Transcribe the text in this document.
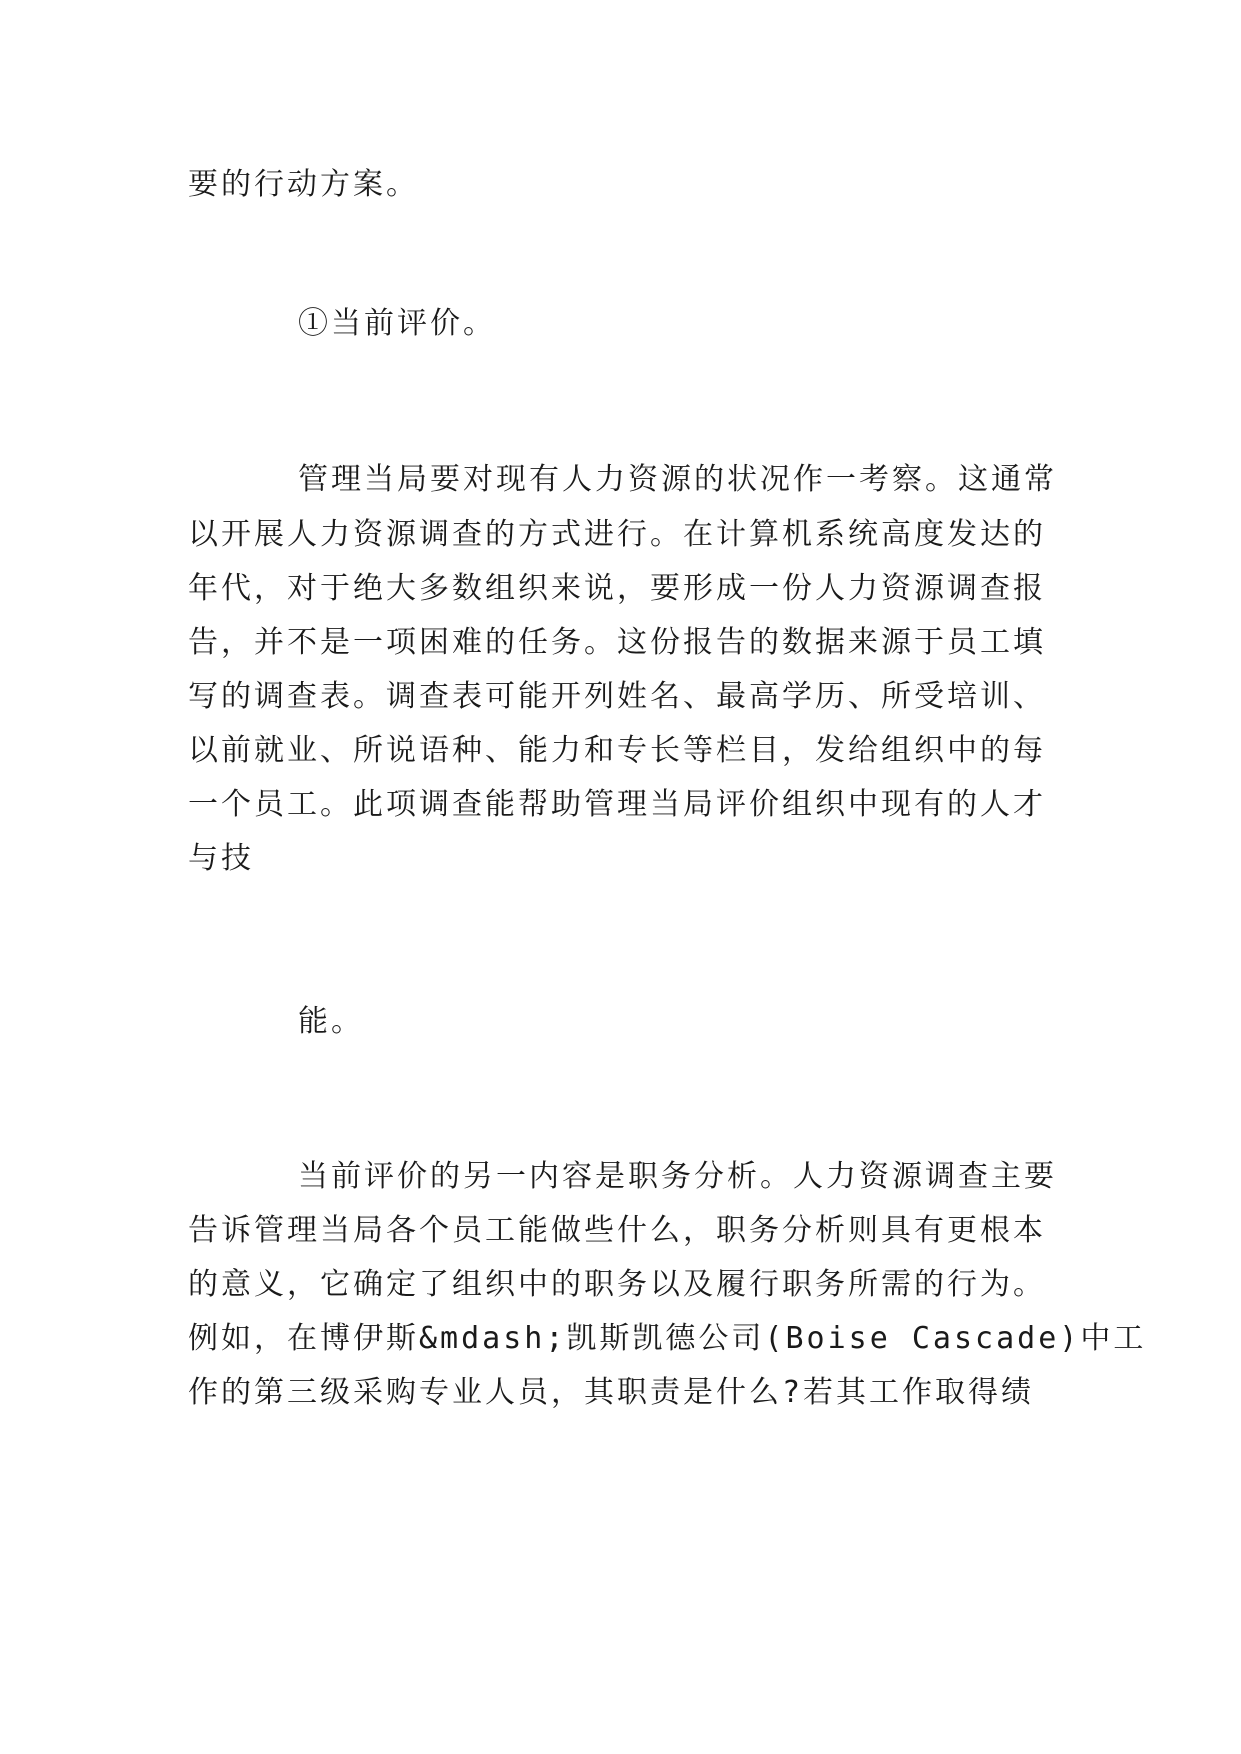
要的行动方案。

①当前评价。

管理当局要对现有人力资源的状况作一考察。这通常

以开展人力资源调查的方式进行。在计算机系统高度发达的

年代，对于绝大多数组织来说，要形成一份人力资源调查报

告，并不是一项困难的任务。这份报告的数据来源于员工填

写的调查表。调查表可能开列姓名、最高学历、所受培训、

以前就业、所说语种、能力和专长等栏目，发给组织中的每

一个员工。此项调查能帮助管理当局评价组织中现有的人才

与技

能。

当前评价的另一内容是职务分析。人力资源调查主要

告诉管理当局各个员工能做些什么，职务分析则具有更根本

的意义，它确定了组织中的职务以及履行职务所需的行为。

例如，在博伊斯&mdash;凯斯凯德公司(Boise Cascade)中工

作的第三级采购专业人员，其职责是什么?若其工作取得绩
